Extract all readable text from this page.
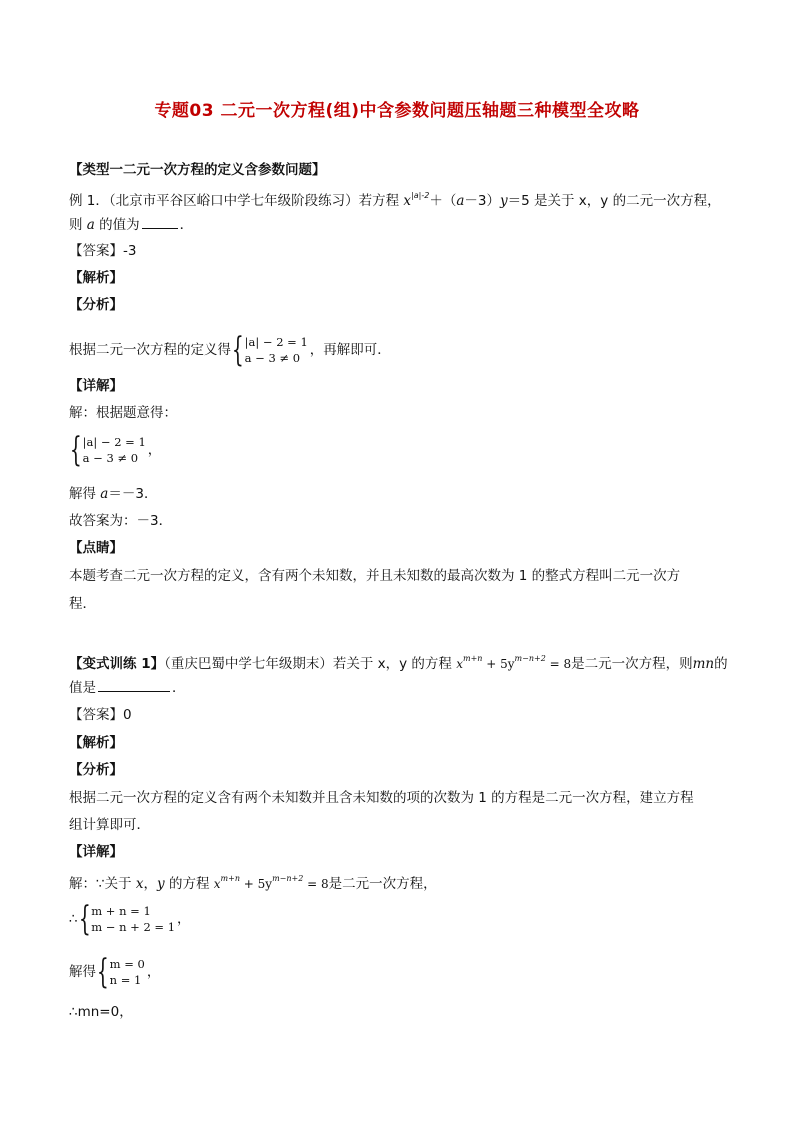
专题03 二元一次方程(组)中含参数问题压轴题三种模型全攻略
【类型一二元一次方程的定义含参数问题】
例 1．（北京市平谷区峪口中学七年级阶段练习）若方程 $x^{|a|-2}+(a-3)y=5$ 是关于 x，y 的二元一次方程，
则 a 的值为	．
【答案】-3
【解析】
【分析】
根据二元一次方程的定义得 { |a| − 2 = 1
a − 3 ≠ 0 ，再解即可．
【详解】
解：根据题意得：
{ |a| − 2 = 1
a − 3 ≠ 0 ，
解得 a＝－3．
故答案为：－3．
【点睛】
本题考查二元一次方程的定义，含有两个未知数，并且未知数的最高次数为 1 的整式方程叫二元一次方
程．
【变式训练 1】（重庆巴蜀中学七年级期末）若关于 x，y 的方程 $x^{m+n} + 5y^{m-n+2} = 8$是二元一次方程，则mn的
值是	．
【答案】0
【解析】
【分析】
根据二元一次方程的定义含有两个未知数并且含未知数的项的次数为 1 的方程是二元一次方程，建立方程
组计算即可．
【详解】
解：∵关于 x，y 的方程 $x^{m+n} + 5y^{m-n+2} = 8$是二元一次方程，
∴ { m + n = 1
m − n + 2 = 1 ，
解得 { m = 0
n = 1 ，
∴mn=0，
